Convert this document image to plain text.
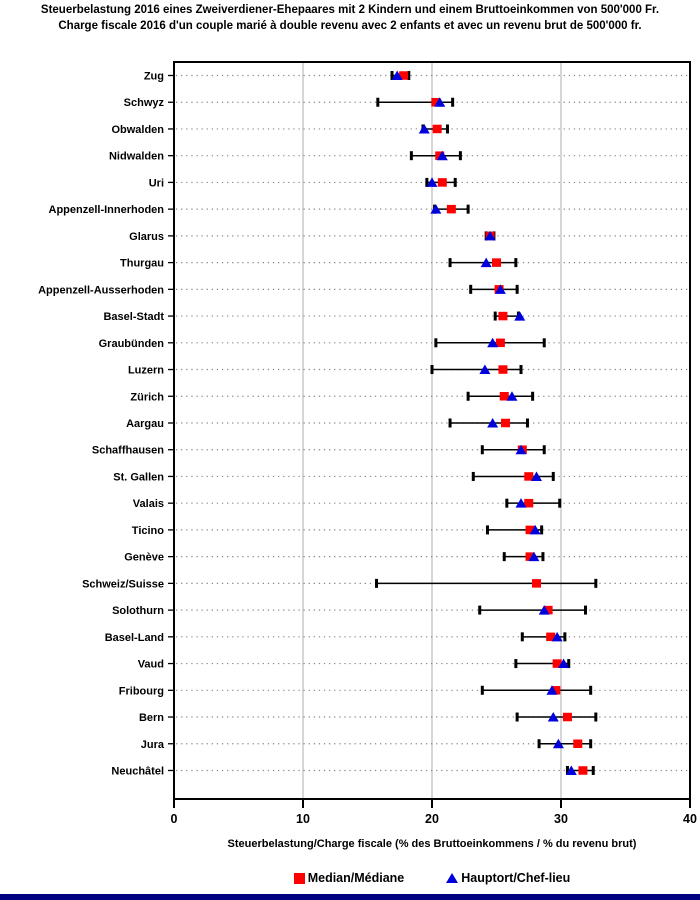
Steuerbelastung 2016 eines Zweiverdiener-Ehepaares mit 2 Kindern und einem Bruttoeinkommen von 500'000 Fr.
Charge fiscale 2016 d'un couple marié à double revenu avec 2 enfants et avec un revenu brut de 500'000 fr.
Zug
Schwyz
Obwalden
Nidwalden
Uri
Appenzell-Innerhoden
Glarus
Thurgau
Appenzell-Ausserhoden
Basel-Stadt
Graubünden
Luzern
Zürich
Aargau
Schaffhausen
St. Gallen
Valais
Ticino
Genève
Schweiz/Suisse
Solothurn
Basel-Land
Vaud
Fribourg
Bern
Jura
Neuchâtel
0	10	20	30	40
Steuerbelastung/Charge fiscale (% des Bruttoeinkommens / % du revenu brut)
Median/Médiane	Hauptort/Chef-lieu
